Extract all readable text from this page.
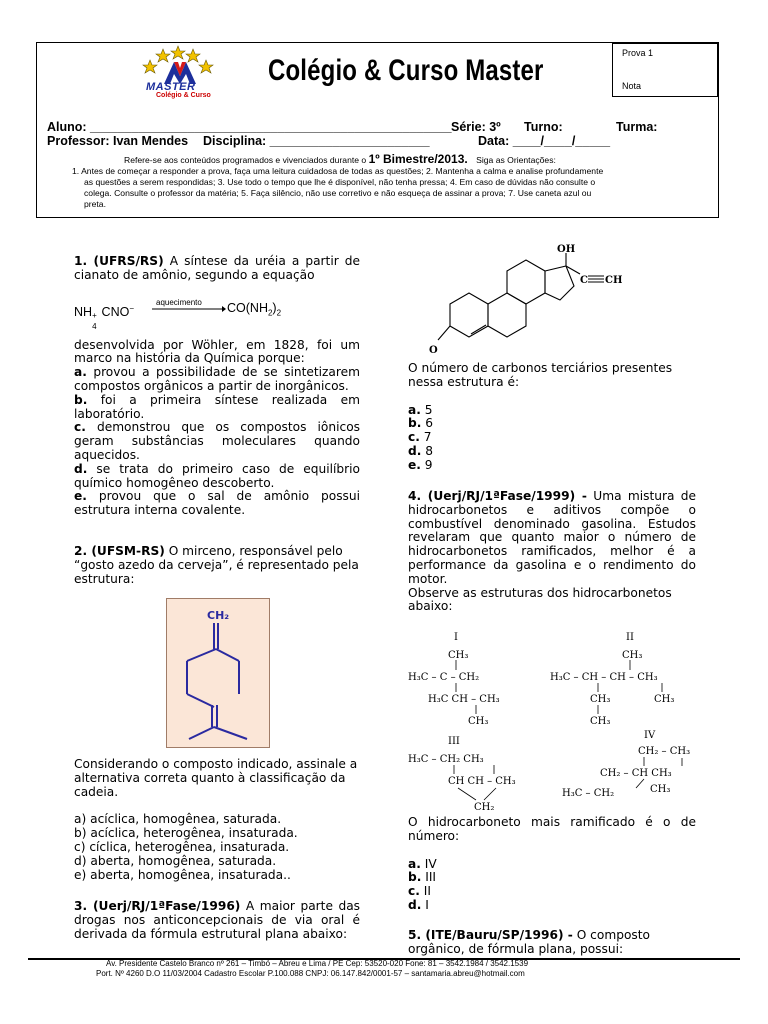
MASTER
Colégio & Curso
Colégio & Curso Master
Prova 1
Nota
Aluno: ____________________________________________________ Série: 3º Turno:	Turma:
Professor: Ivan Mendes Disciplina: _______________________	Data: ____/____/_____
Refere-se aos conteúdos programados e vivenciados durante o 1º Bimestre/2013. Siga as Orientações:
1. Antes de começar a responder a prova, faça uma leitura cuidadosa de todas as questões; 2. Mantenha a calma e analise profundamente
as questões a serem respondidas; 3. Use todo o tempo que lhe é disponível, não tenha pressa; 4. Em caso de dúvidas não consulte o
colega. Consulte o professor da matéria; 5. Faça silêncio, não use corretivo e não esqueça de assinar a prova; 7. Use caneta azul ou
preta.
1. (UFRS/RS) A síntese da uréia a partir de cianato de amônio, segundo a equação
NH +
4
CNO−
aquecimento $CO(NH_2)_2$
desenvolvida por Wöhler, em 1828, foi um marco na história da Química porque:
a. provou a possibilidade de se sintetizarem compostos orgânicos a partir de inorgânicos.
b. foi a primeira síntese realizada em laboratório.
c. demonstrou que os compostos iônicos geram substâncias moleculares quando aquecidos.
d. se trata do primeiro caso de equilíbrio químico homogêneo descoberto.
e. provou que o sal de amônio possui estrutura interna covalente.
2. (UFSM-RS) O mirceno, responsável pelo “gosto azedo da cerveja”, é representado pela estrutura:
CH₂
Considerando o composto indicado, assinale a alternativa correta quanto à classificação da cadeia.
a) acíclica, homogênea, saturada.
b) acíclica, heterogênea, insaturada.
c) cíclica, heterogênea, insaturada.
d) aberta, homogênea, saturada.
e) aberta, homogênea, insaturada..
3. (Uerj/RJ/1ªFase/1996) A maior parte das drogas nos anticoncepcionais de via oral é derivada da fórmula estrutural plana abaixo:
OH
C CH
O
O número de carbonos terciários presentes nessa estrutura é:
a. 5
b. 6
c. 7
d. 8
e. 9
4. (Uerj/RJ/1ªFase/1999) - Uma mistura de hidrocarbonetos e aditivos compõe o combustível denominado gasolina. Estudos revelaram que quanto maior o número de hidrocarbonetos ramificados, melhor é a performance da gasolina e o rendimento do motor.
Observe as estruturas dos hidrocarbonetos abaixo:
I
CH₃
H₃C – C – CH₂
H₃C CH – CH₃
CH₃
II
CH₃
H₃C – CH – CH – CH₃
CH₃	CH₃
CH₃
III
H₃C – CH₂ CH₃
CH CH – CH₃
CH₂
IV
CH₂ – CH₃
CH₂ – CH CH₃
H₃C – CH₂	CH₃
O hidrocarboneto mais ramificado é o de número:
a. IV
b. III
c. II
d. I
5. (ITE/Bauru/SP/1996) - O composto orgânico, de fórmula plana, possui:
Av. Presidente Castelo Branco nº 261 – Timbó – Abreu e Lima / PE Cep: 53520-020 Fone: 81 – 3542.1984 / 3542.1539
Port. Nº 4260 D.O 11/03/2004 Cadastro Escolar P.100.088 CNPJ: 06.147.842/0001-57 – santamaria.abreu@hotmail.com
